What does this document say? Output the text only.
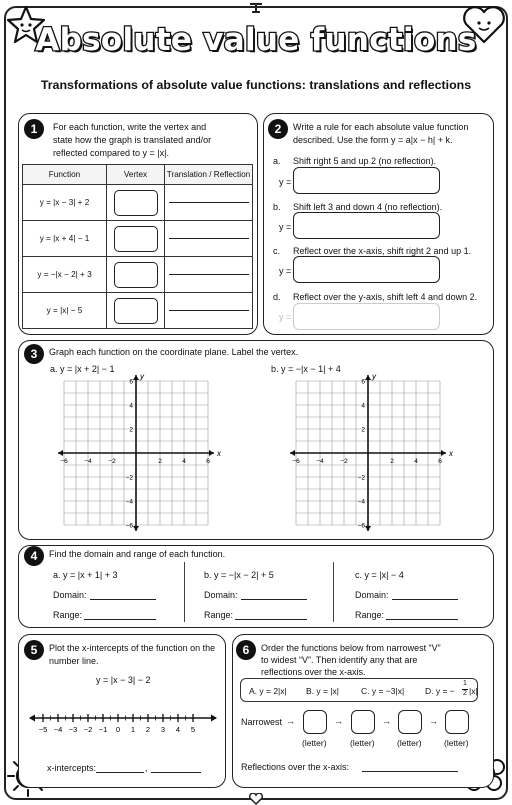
Absolute value functions
Transformations of absolute value functions: translations and reflections
1	For each function, write the vertex and
state how the graph is translated and/or
reflected compared to y = |x|.
Function	Vertex	Translation / Reflection
y = |x − 3| + 2		
y = |x + 4| − 1		
y = −|x − 2| + 3		
y = |x| − 5		
2	Write a rule for each absolute value function
described. Use the form y = a|x − h| + k.
a. Shift right 5 and up 2 (no reflection).
y =
b. Shift left 3 and down 4 (no reflection).
y =
c. Reflect over the x-axis, shift right 2 and up 1.
y =
d. Reflect over the y-axis, shift left 4 and down 2.
y =
3	Graph each function on the coordinate plane. Label the vertex.
a. y = |x + 2| − 1	b. y = −|x − 1| + 4
x
y
−6	−4	−2	2	4	6
6
4
2
−2
−4
−6
x
y
−6	−4	−2	2	4	6
6
4
2
−2
−4
−6
4	Find the domain and range of each function.
a. y = |x + 1| + 3
Domain:
Range:
b. y = −|x − 2| + 5
Domain:
Range:
c. y = |x| − 4
Domain:
Range:
5	Plot the x-intercepts of the function on the
number line.
y = |x − 3| − 2
−5 −4 −3 −2 −1 0 1 2 3 4 5
x-intercepts:	,
6	Order the functions below from narrowest “V”
to widest “V”. Then identify any that are
reflections over the x-axis.
A. y = 2|x| B. y = |x|	C. y = −3|x| D. y = −
1
2 |x|
Narrowest →	→	→	→
(letter)	(letter)	(letter)	(letter)
Reflections over the x-axis:
